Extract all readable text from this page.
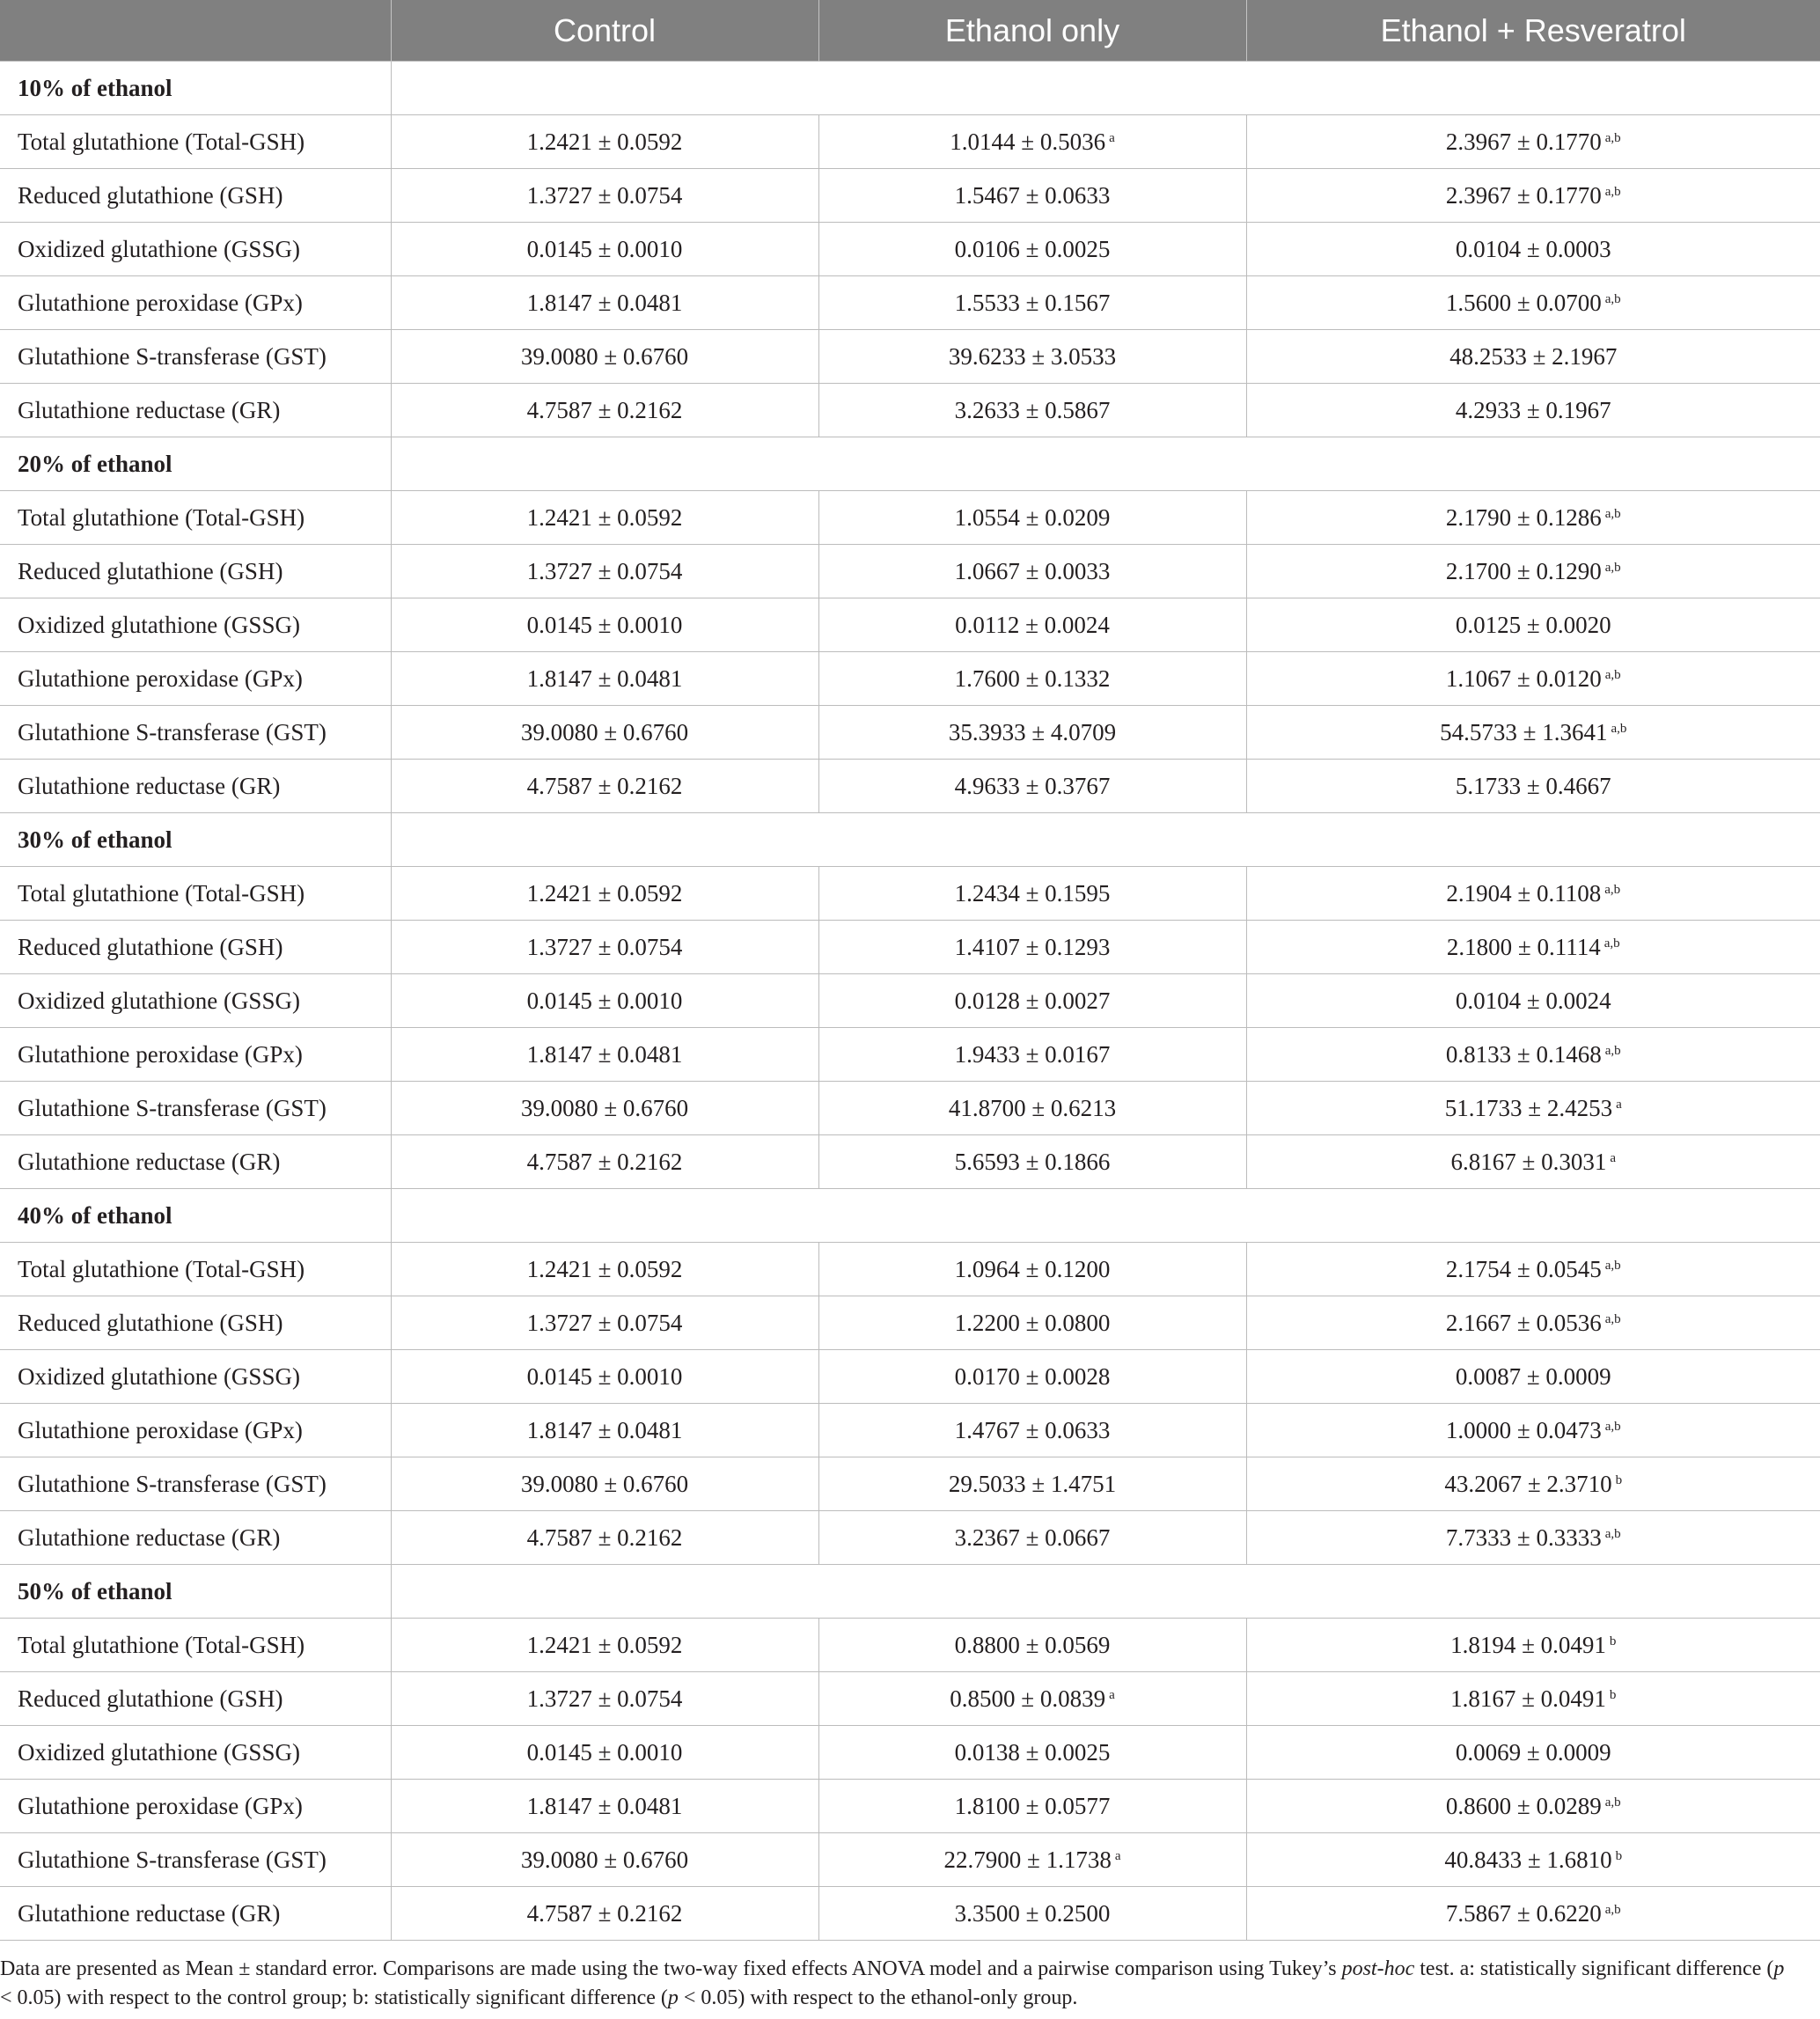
	Control	Ethanol only	Ethanol + Resveratrol
10% of ethanol			
Total glutathione (Total-GSH)	1.2421 ± 0.0592	1.0144 ± 0.5036 $^a$	2.3967 ± 0.1770 $^{a,b}$
Reduced glutathione (GSH)	1.3727 ± 0.0754	1.5467 ± 0.0633	2.3967 ± 0.1770 $^{a,b}$
Oxidized glutathione (GSSG)	0.0145 ± 0.0010	0.0106 ± 0.0025	0.0104 ± 0.0003
Glutathione peroxidase (GPx)	1.8147 ± 0.0481	1.5533 ± 0.1567	1.5600 ± 0.0700 $^{a,b}$
Glutathione S-transferase (GST)	39.0080 ± 0.6760	39.6233 ± 3.0533	48.2533 ± 2.1967
Glutathione reductase (GR)	4.7587 ± 0.2162	3.2633 ± 0.5867	4.2933 ± 0.1967
20% of ethanol			
Total glutathione (Total-GSH)	1.2421 ± 0.0592	1.0554 ± 0.0209	2.1790 ± 0.1286 $^{a,b}$
Reduced glutathione (GSH)	1.3727 ± 0.0754	1.0667 ± 0.0033	2.1700 ± 0.1290 $^{a,b}$
Oxidized glutathione (GSSG)	0.0145 ± 0.0010	0.0112 ± 0.0024	0.0125 ± 0.0020
Glutathione peroxidase (GPx)	1.8147 ± 0.0481	1.7600 ± 0.1332	1.1067 ± 0.0120 $^{a,b}$
Glutathione S-transferase (GST)	39.0080 ± 0.6760	35.3933 ± 4.0709	54.5733 ± 1.3641 $^{a,b}$
Glutathione reductase (GR)	4.7587 ± 0.2162	4.9633 ± 0.3767	5.1733 ± 0.4667
30% of ethanol			
Total glutathione (Total-GSH)	1.2421 ± 0.0592	1.2434 ± 0.1595	2.1904 ± 0.1108 $^{a,b}$
Reduced glutathione (GSH)	1.3727 ± 0.0754	1.4107 ± 0.1293	2.1800 ± 0.1114 $^{a,b}$
Oxidized glutathione (GSSG)	0.0145 ± 0.0010	0.0128 ± 0.0027	0.0104 ± 0.0024
Glutathione peroxidase (GPx)	1.8147 ± 0.0481	1.9433 ± 0.0167	0.8133 ± 0.1468 $^{a,b}$
Glutathione S-transferase (GST)	39.0080 ± 0.6760	41.8700 ± 0.6213	51.1733 ± 2.4253 $^a$
Glutathione reductase (GR)	4.7587 ± 0.2162	5.6593 ± 0.1866	6.8167 ± 0.3031 $^a$
40% of ethanol			
Total glutathione (Total-GSH)	1.2421 ± 0.0592	1.0964 ± 0.1200	2.1754 ± 0.0545 $^{a,b}$
Reduced glutathione (GSH)	1.3727 ± 0.0754	1.2200 ± 0.0800	2.1667 ± 0.0536 $^{a,b}$
Oxidized glutathione (GSSG)	0.0145 ± 0.0010	0.0170 ± 0.0028	0.0087 ± 0.0009
Glutathione peroxidase (GPx)	1.8147 ± 0.0481	1.4767 ± 0.0633	1.0000 ± 0.0473 $^{a,b}$
Glutathione S-transferase (GST)	39.0080 ± 0.6760	29.5033 ± 1.4751	43.2067 ± 2.3710 $^b$
Glutathione reductase (GR)	4.7587 ± 0.2162	3.2367 ± 0.0667	7.7333 ± 0.3333 $^{a,b}$
50% of ethanol			
Total glutathione (Total-GSH)	1.2421 ± 0.0592	0.8800 ± 0.0569	1.8194 ± 0.0491 $^b$
Reduced glutathione (GSH)	1.3727 ± 0.0754	0.8500 ± 0.0839 $^a$	1.8167 ± 0.0491 $^b$
Oxidized glutathione (GSSG)	0.0145 ± 0.0010	0.0138 ± 0.0025	0.0069 ± 0.0009
Glutathione peroxidase (GPx)	1.8147 ± 0.0481	1.8100 ± 0.0577	0.8600 ± 0.0289 $^{a,b}$
Glutathione S-transferase (GST)	39.0080 ± 0.6760	22.7900 ± 1.1738 $^a$	40.8433 ± 1.6810 $^b$
Glutathione reductase (GR)	4.7587 ± 0.2162	3.3500 ± 0.2500	7.5867 ± 0.6220 $^{a,b}$
Data are presented as Mean ± standard error. Comparisons are made using the two-way fixed effects ANOVA model and a pairwise comparison using Tukey’s post-hoc test. a: statistically significant difference (p < 0.05) with respect to the control group; b: statistically significant difference (p < 0.05) with respect to the ethanol-only group.
